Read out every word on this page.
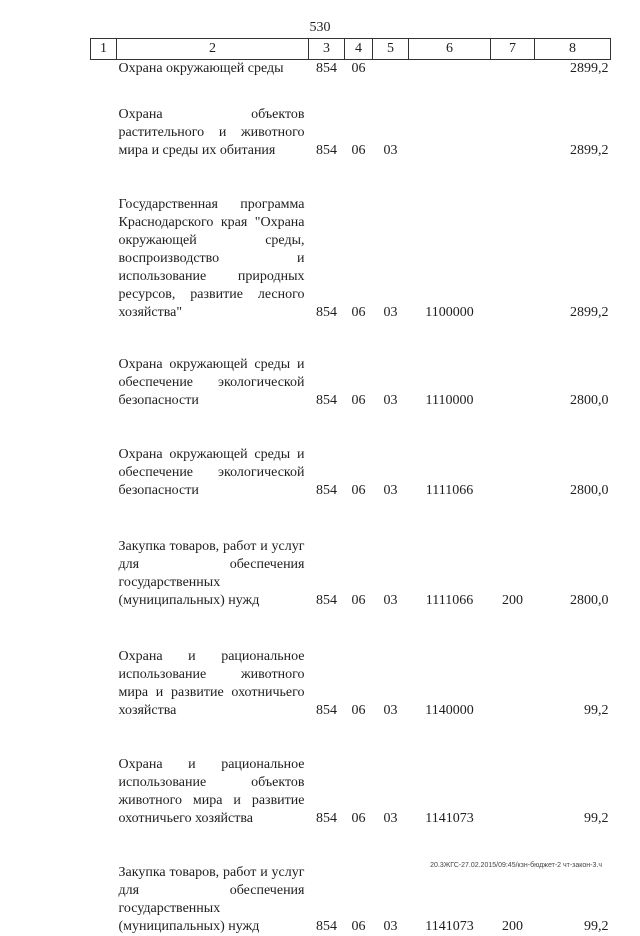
530
1	2	3	4	5	6	7	8
	Охрана окружающей среды	854	06				2899,2

	Охрана объектов растительного и животного мира и среды их обитания	854	06	03			2899,2

	Государственная программа Краснодарского края "Охрана окружающей среды, воспроизводство и использование природных ресурсов, развитие лесного хозяйства"	854	06	03	1100000		2899,2

	Охрана окружающей среды и обеспечение экологической безопасности	854	06	03	1110000		2800,0

	Охрана окружающей среды и обеспечение экологической безопасности	854	06	03	1111066		2800,0

	Закупка товаров, работ и услуг для обеспечения государственных (муниципальных) нужд	854	06	03	1111066	200	2800,0

	Охрана и рациональное использование животного мира и развитие охотничьего хозяйства	854	06	03	1140000		99,2

	Охрана и рациональное использование объектов животного мира и развитие охотничьего хозяйства	854	06	03	1141073		99,2

	Закупка товаров, работ и услуг для обеспечения государственных (муниципальных) нужд	854	06	03	1141073	200	99,2
20.3ЖГС-27.02.2015/09:45/кзн-бюджет-2 чт-закон-3.ч
